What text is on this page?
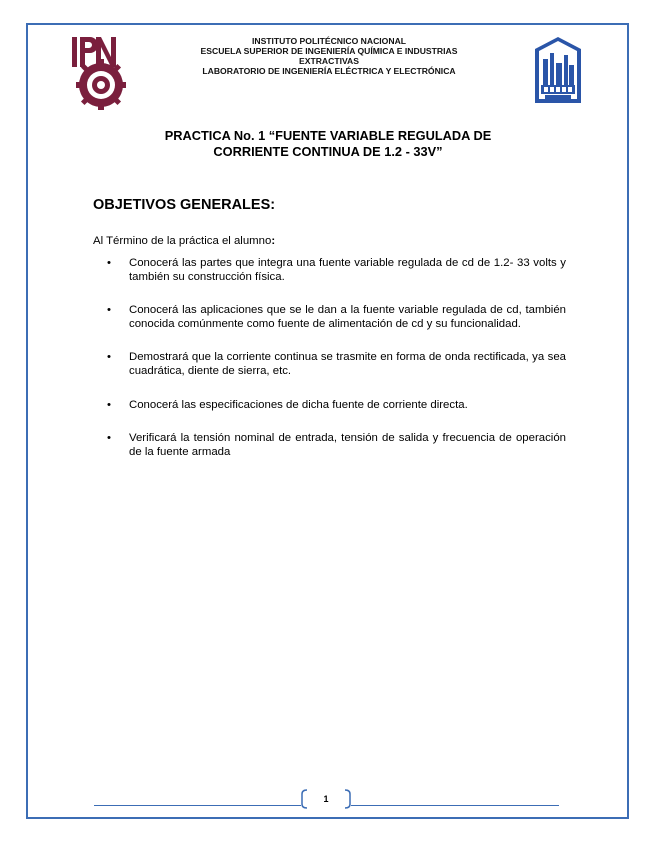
INSTITUTO POLITÉCNICO NACIONAL
ESCUELA SUPERIOR DE INGENIERÍA QUÍMICA E INDUSTRIAS
EXTRACTIVAS
LABORATORIO DE INGENIERÍA ELÉCTRICA Y ELECTRÓNICA
PRACTICA No. 1 “FUENTE VARIABLE REGULADA DE
CORRIENTE CONTINUA DE 1.2 - 33V”
OBJETIVOS GENERALES:
Al Término de la práctica el alumno:
• Conocerá las partes que integra una fuente variable regulada de cd de 1.2- 33 volts y también su construcción física.
• Conocerá las aplicaciones que se le dan a la fuente variable regulada de cd, también conocida comúnmente como fuente de alimentación de cd y su funcionalidad.
• Demostrará que la corriente continua se trasmite en forma de onda rectificada, ya sea cuadrática, diente de sierra, etc.
• Conocerá las especificaciones de dicha fuente de corriente directa.
• Verificará la tensión nominal de entrada, tensión de salida y frecuencia de operación de la fuente armada
1
